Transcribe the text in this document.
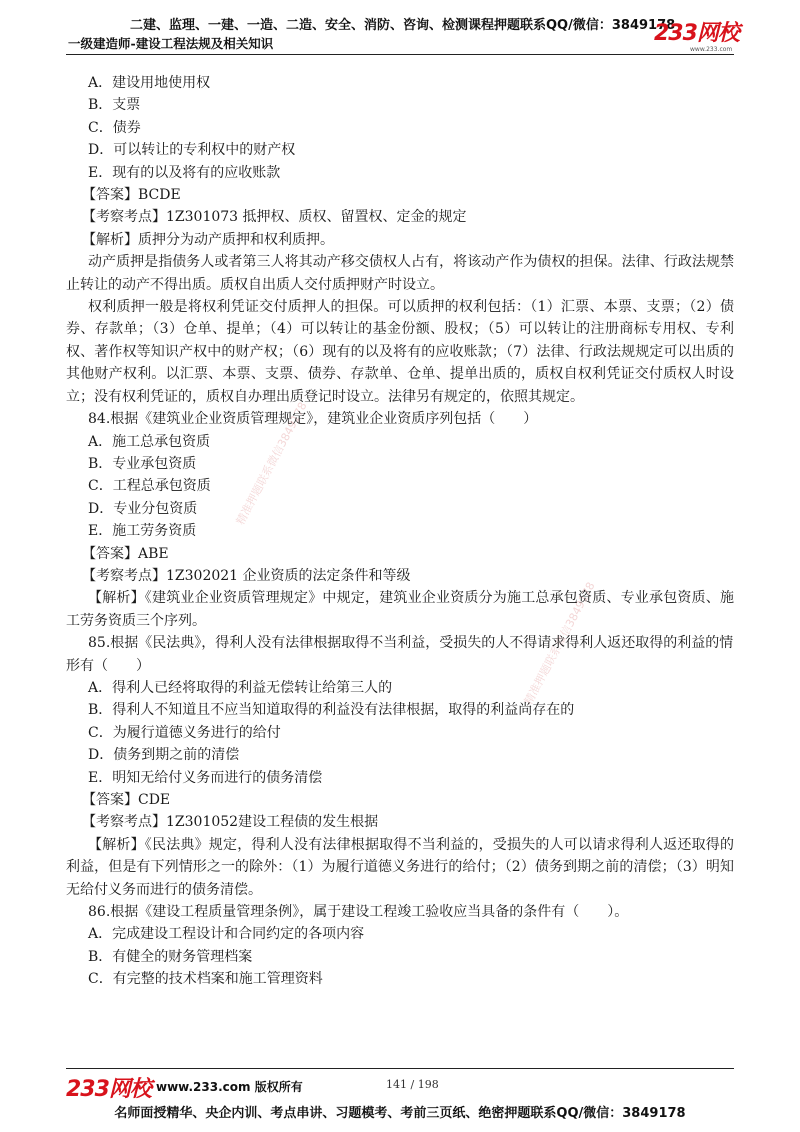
二建、监理、一建、一造、二造、安全、消防、咨询、检测课程押题联系QQ/微信：3849178
一级建造师-建设工程法规及相关知识	233网校
www.233.com
精准押题联系微信3849178
精准押题联系微信3849178

A．建设用地使用权

B．支票

C．债券

D．可以转让的专利权中的财产权

E．现有的以及将有的应收账款

【答案】BCDE

【考察考点】1Z301073 抵押权、质权、留置权、定金的规定

【解析】质押分为动产质押和权利质押。

动产质押是指债务人或者第三人将其动产移交债权人占有，将该动产作为债权的担保。法律、行政法规禁止转让的动产不得出质。质权自出质人交付质押财产时设立。

权利质押一般是将权利凭证交付质押人的担保。可以质押的权利包括：（1）汇票、本票、支票；（2）债券、存款单；（3）仓单、提单；（4）可以转让的基金份额、股权；（5）可以转让的注册商标专用权、专利权、著作权等知识产权中的财产权；（6）现有的以及将有的应收账款；（7）法律、行政法规规定可以出质的其他财产权利。以汇票、本票、支票、债券、存款单、仓单、提单出质的，质权自权利凭证交付质权人时设立；没有权利凭证的，质权自办理出质登记时设立。法律另有规定的，依照其规定。

84.根据《建筑业企业资质管理规定》，建筑业企业资质序列包括（　　）

A．施工总承包资质

B．专业承包资质

C．工程总承包资质

D．专业分包资质

E．施工劳务资质

【答案】ABE

【考察考点】1Z302021 企业资质的法定条件和等级

【解析】《建筑业企业资质管理规定》中规定，建筑业企业资质分为施工总承包资质、专业承包资质、施工劳务资质三个序列。

85.根据《民法典》，得利人没有法律根据取得不当利益，受损失的人不得请求得利人返还取得的利益的情形有（　　）

A．得利人已经将取得的利益无偿转让给第三人的

B．得利人不知道且不应当知道取得的利益没有法律根据，取得的利益尚存在的

C．为履行道德义务进行的给付

D．债务到期之前的清偿

E．明知无给付义务而进行的债务清偿

【答案】CDE

【考察考点】1Z301052建设工程债的发生根据

【解析】《民法典》规定，得利人没有法律根据取得不当利益的，受损失的人可以请求得利人返还取得的利益，但是有下列情形之一的除外：（1）为履行道德义务进行的给付；（2）债务到期之前的清偿；（3）明知无给付义务而进行的债务清偿。

86.根据《建设工程质量管理条例》，属于建设工程竣工验收应当具备的条件有（　　）。

A．完成建设工程设计和合同约定的各项内容

B．有健全的财务管理档案

C．有完整的技术档案和施工管理资料

233网校 www.233.com 版权所有	141 / 198
名师面授精华、央企内训、考点串讲、习题模考、考前三页纸、绝密押题联系QQ/微信：3849178
